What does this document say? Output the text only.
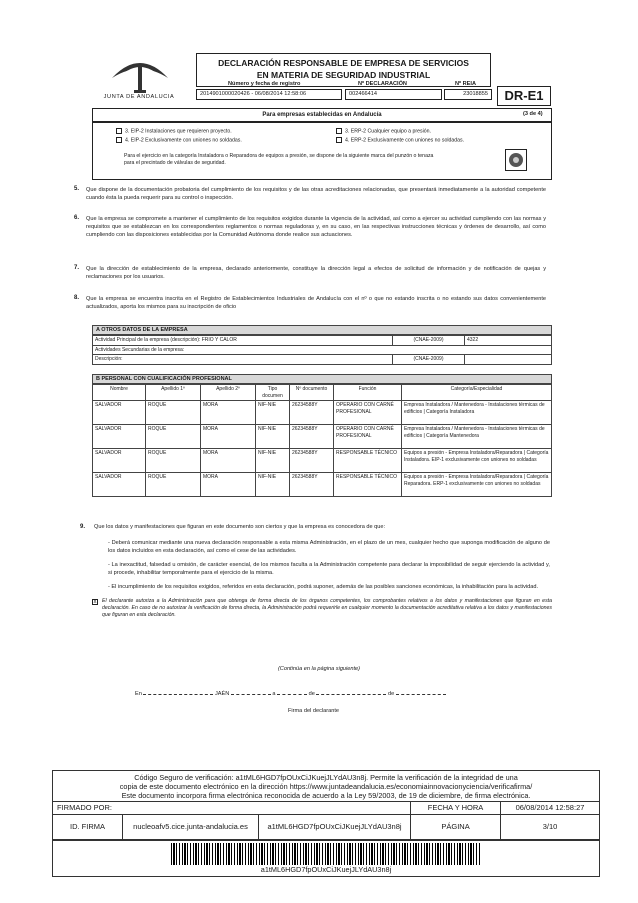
JUNTA DE ANDALUCIA
DECLARACIÓN RESPONSABLE DE EMPRESA DE SERVICIOS
EN MATERIA DE SEGURIDAD INDUSTRIAL
Número y fecha de registro	Nº DECLARACIÓN	Nº REIA
2014901000020426 - 06/08/2014 12:58:06	002466414	23018855	DR-E1
Para empresas establecidas en Andalucía	(3 de 4)
3. EIP-2 Instalaciones que requieren proyecto.
4. EIP-2 Exclusivamente con uniones no soldadas.
3. ERP-2 Cualquier equipo a presión.
4. ERP-2 Exclusivamente con uniones no soldadas.
Para el ejercicio en la categoría Instaladora o Reparadora de equipos a presión, se dispone de la siguiente marca del punzón o tenaza para el precintado de válvulas de seguridad.
5. Que dispone de la documentación probatoria del cumplimiento de los requisitos y de las otras acreditaciones relacionadas, que presentará inmediatamente a la autoridad competente cuando ésta la pueda requerir para su control o inspección.
6. Que la empresa se compromete a mantener el cumplimiento de los requisitos exigidos durante la vigencia de la actividad, así como a ejercer su actividad cumpliendo con las normas y requisitos que se establezcan en los correspondientes reglamentos o normas reguladoras y, en su caso, en las respectivas instrucciones técnicas y órdenes de desarrollo, así como cumpliendo con las disposiciones establecidas por la Comunidad Autónoma donde realice sus actuaciones.
7. Que la dirección de establecimiento de la empresa, declarado anteriormente, constituye la dirección legal a efectos de solicitud de información y de notificación de quejas y reclamaciones por los usuarios.
8. Que la empresa se encuentra inscrita en el Registro de Establecimientos Industriales de Andalucía con el nº o que no estando inscrita o no estando sus datos convenientemente actualizados, aporta los mismos para su inscripción de oficio
A OTROS DATOS DE LA EMPRESA
Actividad Principal de la empresa (descripción): FRIO Y CALOR	(CNAE-2009)	4322
Actividades Secundarias de la empresa:		
Descripción:	(CNAE-2009)	
B PERSONAL CON CUALIFICACIÓN PROFESIONAL
Nombre	Apellido 1º	Apellido 2º	Tipo documen	Nº documento	Función	Categoría/Especialidad
SALVADOR	ROQUE	MORA	NIF-NIE	26234588Y	OPERARIO CON CARNÉ PROFESIONAL	Empresa Instaladora / Mantenedora - Instalaciones térmicas de edificios | Categoría Instaladora
SALVADOR	ROQUE	MORA	NIF-NIE	26234588Y	OPERARIO CON CARNÉ PROFESIONAL	Empresa Instaladora / Mantenedora - Instalaciones térmicas de edificios | Categoría Mantenedora
SALVADOR	ROQUE	MORA	NIF-NIE	26234588Y	RESPONSABLE TÉCNICO	Equipos a presión - Empresa Instaladora/Reparadora | Categoría Instaladora. EIP-1 exclusivamente con uniones no soldadas
SALVADOR	ROQUE	MORA	NIF-NIE	26234588Y	RESPONSABLE TÉCNICO	Equipos a presión - Empresa Instaladora/Reparadora | Categoría Reparadora. ERP-1 exclusivamente con uniones no soldadas
9. Que los datos y manifestaciones que figuran en este documento son ciertos y que la empresa es conocedora de que:
- Deberá comunicar mediante una nueva declaración responsable a esta misma Administración, en el plazo de un mes, cualquier hecho que suponga modificación de alguno de los datos incluidos en esta declaración, así como el cese de las actividades.
- La inexactitud, falsedad u omisión, de carácter esencial, de los mismos faculta a la Administración competente para declarar la imposibilidad de seguir ejerciendo la actividad y, si procede, inhabilitar temporalmente para el ejercicio de la misma.
- El incumplimiento de los requisitos exigidos, referidos en esta declaración, podrá suponer, además de las posibles sanciones económicas, la inhabilitación para la actividad.
x El declarante autoriza a la Administración para que obtenga de forma directa de los órganos competentes, los comprobantes relativos a los datos y manifestaciones que figuran en esta declaración. En caso de no autorizar la verificación de forma directa, la Administración podrá requerirle en cualquier momento la documentación acreditativa relativa a los datos y manifestaciones que figuran en esta declaración.
(Continúa en la página siguiente)
En	JAÉN	a	de	de
Firma del declarante
Código Seguro de verificación: a1tML6HGD7fpOUxCiJKuejJLYdAU3n8j. Permite la verificación de la integridad de una
copia de este documento electrónico en la dirección https://www.juntadeandalucia.es/economiainnovacionyciencia/verificafirma/
Este documento incorpora firma electrónica reconocida de acuerdo a la Ley 59/2003, de 19 de diciembre, de firma electrónica.
FIRMADO POR:			FECHA Y HORA	06/08/2014 12:58:27
ID. FIRMA	nucleoafv5.cice.junta-andalucia.es	a1tML6HGD7fpOUxCiJKuejJLYdAU3n8j	PÁGINA	3/10
a1tML6HGD7fpOUxCiJKuejJLYdAU3n8j
